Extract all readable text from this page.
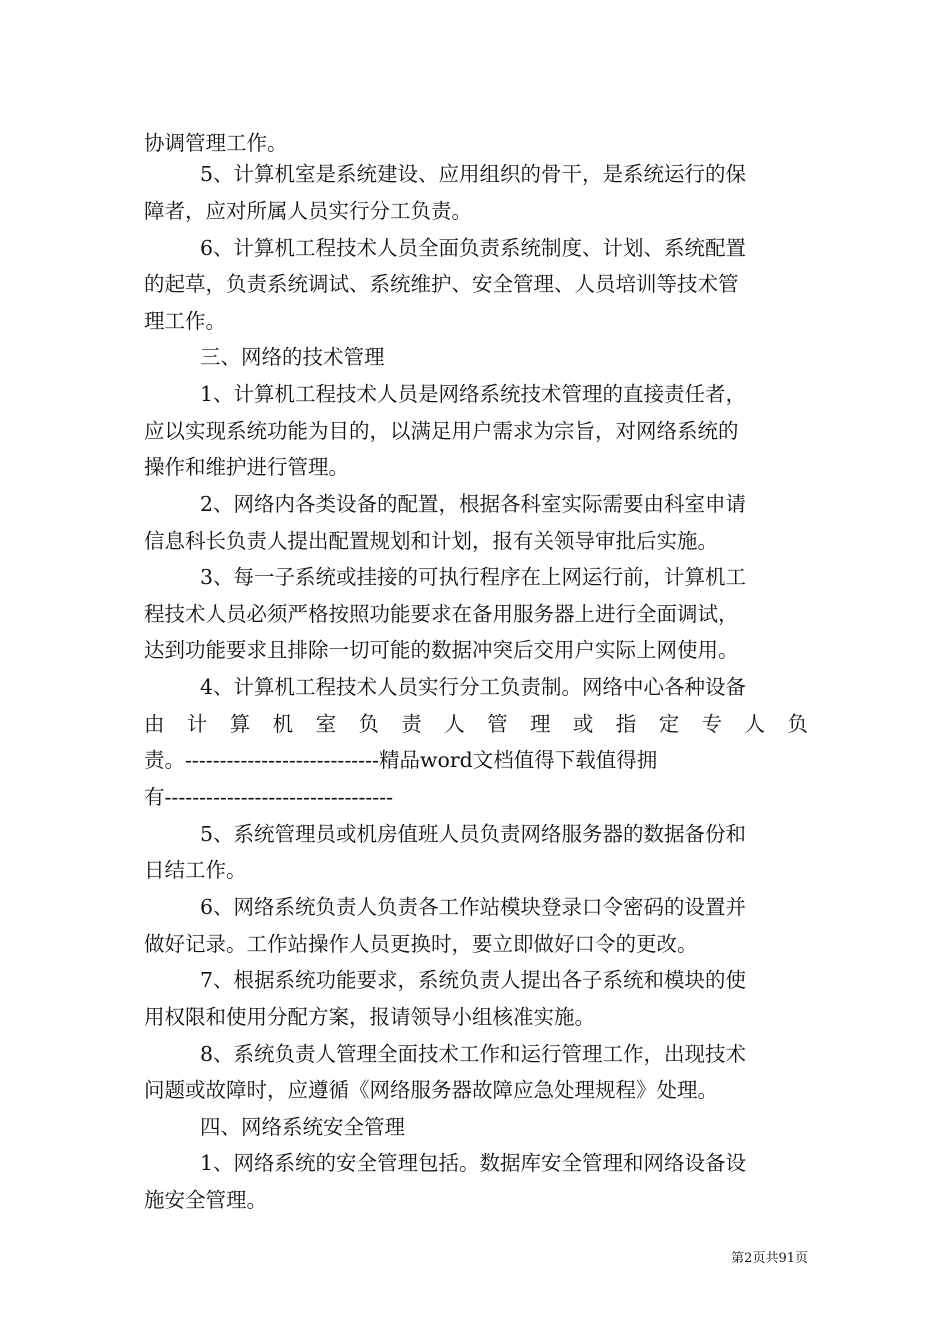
协调管理工作。
5、计算机室是系统建设、应用组织的骨干，是系统运行的保
障者，应对所属人员实行分工负责。
6、计算机工程技术人员全面负责系统制度、计划、系统配置
的起草，负责系统调试、系统维护、安全管理、人员培训等技术管
理工作。
三、网络的技术管理
1、计算机工程技术人员是网络系统技术管理的直接责任者，
应以实现系统功能为目的，以满足用户需求为宗旨，对网络系统的
操作和维护进行管理。
2、网络内各类设备的配置，根据各科室实际需要由科室申请
信息科长负责人提出配置规划和计划，报有关领导审批后实施。
3、每一子系统或挂接的可执行程序在上网运行前，计算机工
程技术人员必须严格按照功能要求在备用服务器上进行全面调试，
达到功能要求且排除一切可能的数据冲突后交用户实际上网使用。
4、计算机工程技术人员实行分工负责制。网络中心各种设备
由 计 算 机 室 负 责 人 管 理 或 指 定 专 人 负
责。----------------------------精品word文档值得下载值得拥
有---------------------------------
5、系统管理员或机房值班人员负责网络服务器的数据备份和
日结工作。
6、网络系统负责人负责各工作站模块登录口令密码的设置并
做好记录。工作站操作人员更换时，要立即做好口令的更改。
7、根据系统功能要求，系统负责人提出各子系统和模块的使
用权限和使用分配方案，报请领导小组核准实施。
8、系统负责人管理全面技术工作和运行管理工作，出现技术
问题或故障时，应遵循《网络服务器故障应急处理规程》处理。
四、网络系统安全管理
1、网络系统的安全管理包括。数据库安全管理和网络设备设
施安全管理。
第2页共91页
